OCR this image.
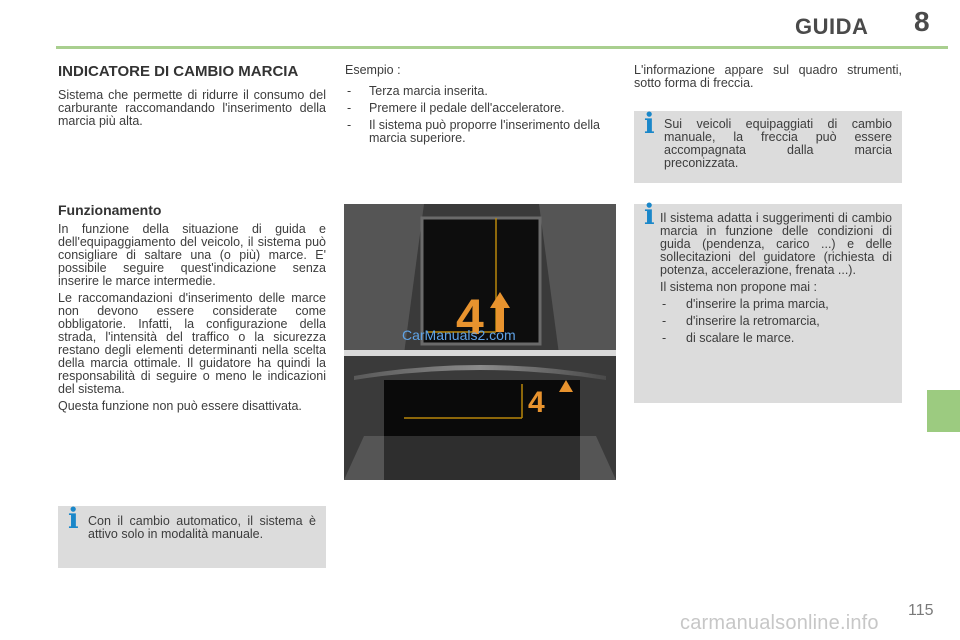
GUIDA 8
INDICATORE DI CAMBIO MARCIA

Sistema che permette di ridurre il consumo del carburante raccomandando l'inserimento della marcia più alta.

Funzionamento

In funzione della situazione di guida e dell'equipaggiamento del veicolo, il sistema può consigliare di saltare una (o più) marce. E' possibile seguire quest'indicazione senza inserire le marce intermedie.

Le raccomandazioni d'inserimento delle marce non devono essere considerate come obbligatorie. Infatti, la configurazione della strada, l'intensità del traffico o la sicurezza restano degli elementi determinanti nella scelta della marcia ottimale. Il guidatore ha quindi la responsabilità di seguire o meno le indicazioni del sistema.

Questa funzione non può essere disattivata.

i Con il cambio automatico, il sistema è attivo solo in modalità manuale.

Esempio :

- Terza marcia inserita.
- Premere il pedale dell'acceleratore.
- Il sistema può proporre l'inserimento della marcia superiore.
4
CarManuals2.com
4

L'informazione appare sul quadro strumenti, sotto forma di freccia.

i Sui veicoli equipaggiati di cambio manuale, la freccia può essere accompagnata dalla marcia preconizzata.

i Il sistema adatta i suggerimenti di cambio marcia in funzione delle condizioni di guida (pendenza, carico ...) e delle sollecitazioni del guidatore (richiesta di potenza, accelerazione, frenata ...).

Il sistema non propone mai :

- d'inserire la prima marcia,
- d'inserire la retromarcia,
- di scalare le marce.
115
carmanualsonline.info
